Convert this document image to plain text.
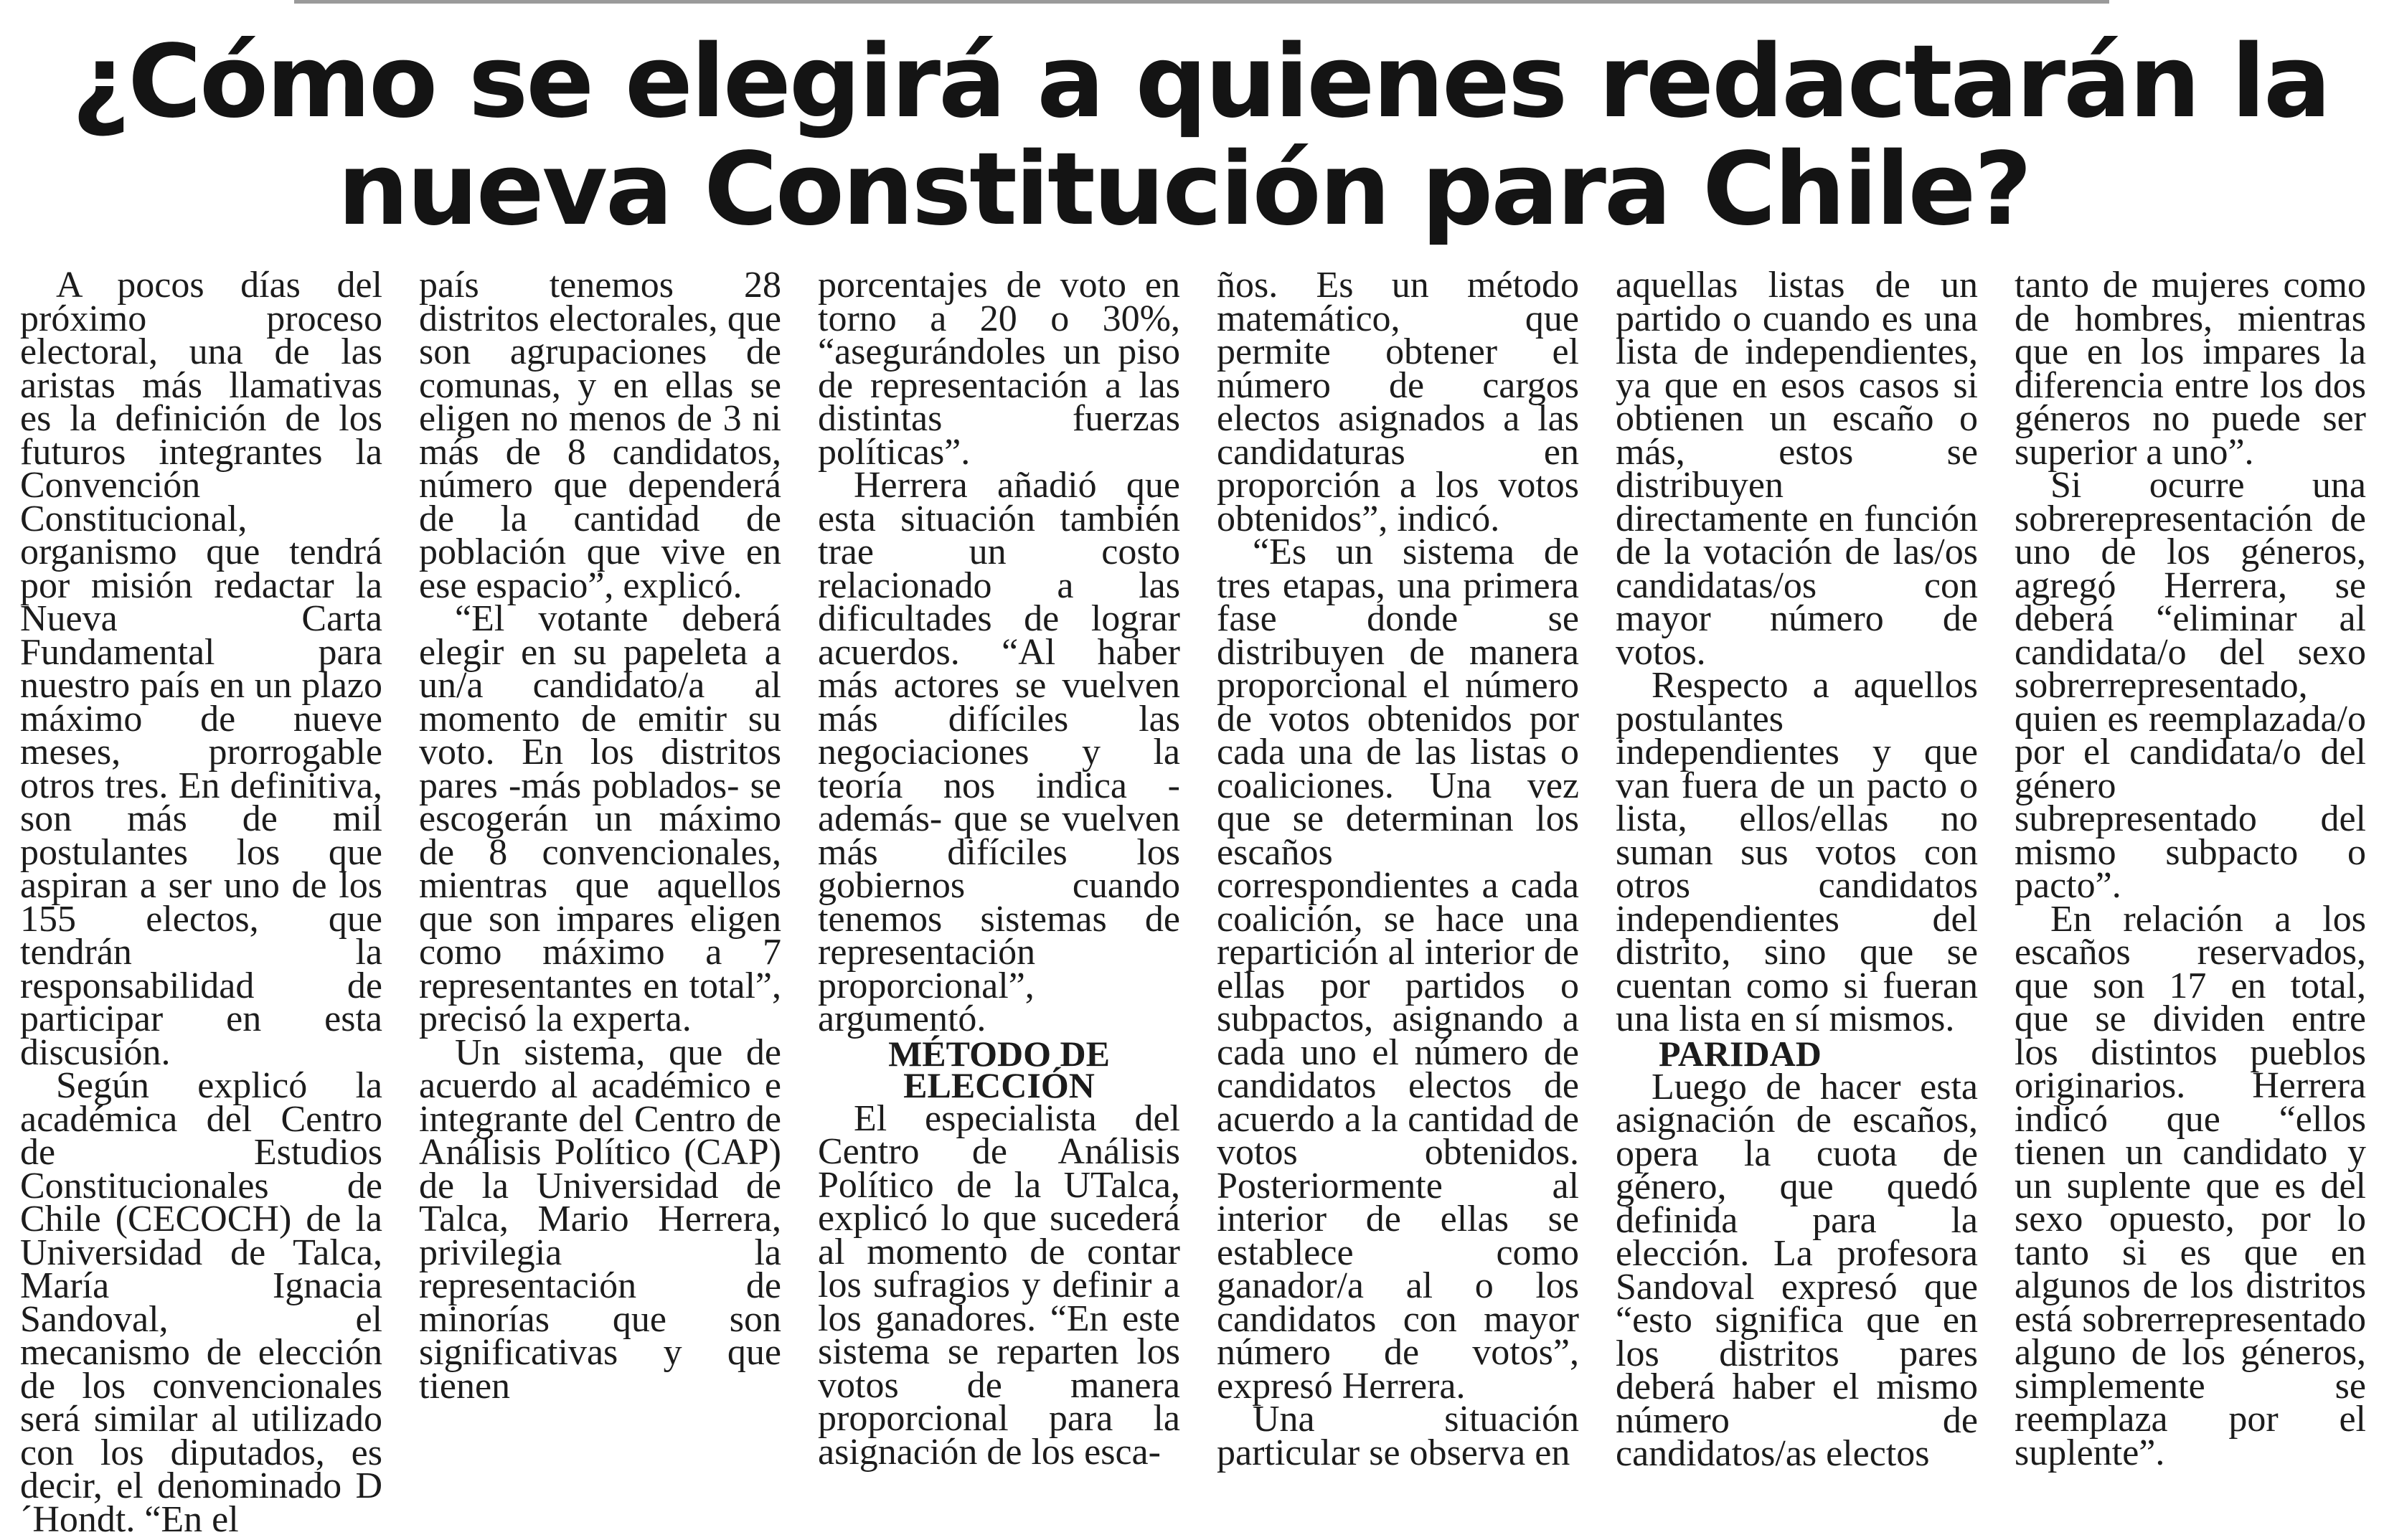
¿Cómo se elegirá a quienes redactarán la
nueva Constitución para Chile?

A pocos días del próximo proceso electoral, una de las aristas más llamativas es la definición de los futuros integrantes la Convención Constitucional, organismo que tendrá por misión redactar la Nueva Carta Fundamental para nuestro país en un plazo máximo de nueve meses, prorrogable otros tres. En definitiva, son más de mil postulantes los que aspiran a ser uno de los 155 electos, que tendrán la responsabilidad de participar en esta discusión.

Según explicó la académica del Centro de Estudios Constitucionales de Chile (CECOCH) de la Universidad de Talca, María Ignacia Sandoval, el mecanismo de elección de los convencionales será similar al utilizado con los diputados, es decir, el denominado D´Hondt. “En el

país tenemos 28 distritos electorales, que son agrupaciones de comunas, y en ellas se eligen no menos de 3 ni más de 8 candidatos, número que dependerá de la cantidad de población que vive en ese espacio”, explicó.

“El votante deberá elegir en su papeleta a un/a candidato/a al momento de emitir su voto. En los distritos pares -más poblados- se escogerán un máximo de 8 convencionales, mientras que aquellos que son impares eligen como máximo a 7 representantes en total”, precisó la experta.

Un sistema, que de acuerdo al académico e integrante del Centro de Análisis Político (CAP) de la Universidad de Talca, Mario Herrera, privilegia la representación de minorías que son significativas y que tienen

porcentajes de voto en torno a 20 o 30%, “asegurándoles un piso de representación a las distintas fuerzas políticas”.

Herrera añadió que esta situación también trae un costo relacionado a las dificultades de lograr acuerdos. “Al haber más actores se vuelven más difíciles las negociaciones y la teoría nos indica -además- que se vuelven más difíciles los gobiernos cuando tenemos sistemas de representación proporcional”, argumentó.

MÉTODO DE ELECCIÓN

El especialista del Centro de Análisis Político de la UTalca, explicó lo que sucederá al momento de contar los sufragios y definir a los ganadores. “En este sistema se reparten los votos de manera proporcional para la asignación de los esca-

ños. Es un método matemático, que permite obtener el número de cargos electos asignados a las candidaturas en proporción a los votos obtenidos”, indicó.

“Es un sistema de tres etapas, una primera fase donde se distribuyen de manera proporcional el número de votos obtenidos por cada una de las listas o coaliciones. Una vez que se determinan los escaños correspondientes a cada coalición, se hace una repartición al interior de ellas por partidos o subpactos, asignando a cada uno el número de candidatos electos de acuerdo a la cantidad de votos obtenidos. Posteriormente al interior de ellas se establece como ganador/a al o los candidatos con mayor número de votos”, expresó Herrera.

Una situación particular se observa en

aquellas listas de un partido o cuando es una lista de independientes, ya que en esos casos si obtienen un escaño o más, estos se distribuyen directamente en función de la votación de las/os candidatas/os con mayor número de votos.

Respecto a aquellos postulantes independientes y que van fuera de un pacto o lista, ellos/ellas no suman sus votos con otros candidatos independientes del distrito, sino que se cuentan como si fueran una lista en sí mismos.

PARIDAD

Luego de hacer esta asignación de escaños, opera la cuota de género, que quedó definida para la elección. La profesora Sandoval expresó que “esto significa que en los distritos pares deberá haber el mismo número de candidatos/as electos

tanto de mujeres como de hombres, mientras que en los impares la diferencia entre los dos géneros no puede ser superior a uno”.

Si ocurre una sobrerepresentación de uno de los géneros, agregó Herrera, se deberá “eliminar al candidata/o del sexo sobrerrepresentado, quien es reemplazada/o por el candidata/o del género subrepresentado del mismo subpacto o pacto”.

En relación a los escaños reservados, que son 17 en total, que se dividen entre los distintos pueblos originarios. Herrera indicó que “ellos tienen un candidato y un suplente que es del sexo opuesto, por lo tanto si es que en algunos de los distritos está sobrerrepresentado alguno de los géneros, simplemente se reemplaza por el suplente”.
